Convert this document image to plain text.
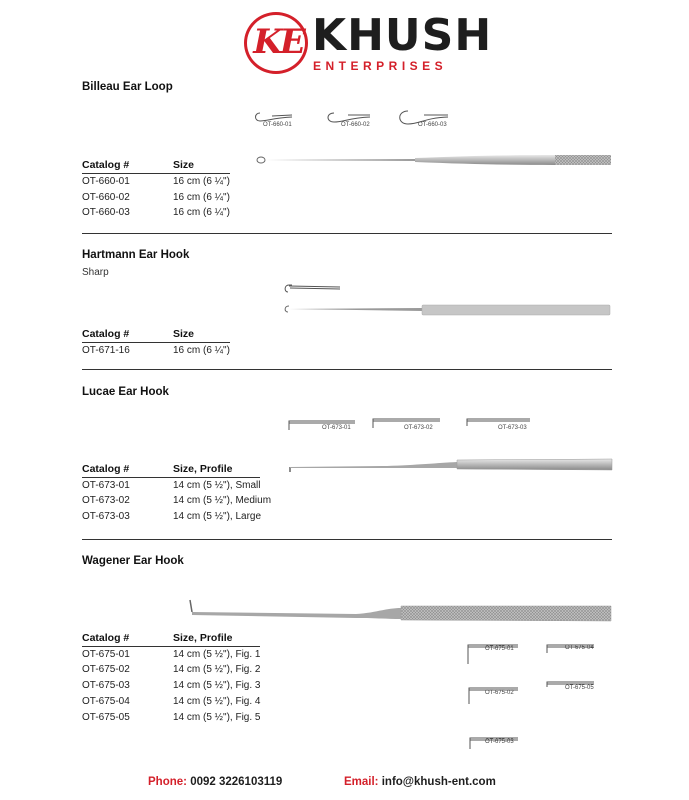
KE KHUSH
ENTERPRISES
Billeau Ear Loop
OT-660-01	OT-660-02	OT-660-03
Catalog #	Size
OT-660-01	16 cm (6 ¼")
OT-660-02	16 cm (6 ¼")
OT-660-03	16 cm (6 ¼")
Hartmann Ear Hook
Sharp
Catalog #	Size
OT-671-16	16 cm (6 ¼")
Lucae Ear Hook
OT-673-01	OT-673-02	OT-673-03
Catalog #	Size, Profile
OT-673-01	14 cm (5 ½"), Small
OT-673-02	14 cm (5 ½"), Medium
OT-673-03	14 cm (5 ½"), Large
Wagener Ear Hook
Catalog #	Size, Profile
OT-675-01	14 cm (5 ½"), Fig. 1
OT-675-02	14 cm (5 ½"), Fig. 2
OT-675-03	14 cm (5 ½"), Fig. 3
OT-675-04	14 cm (5 ½"), Fig. 4
OT-675-05	14 cm (5 ½"), Fig. 5
OT-675-01
OT-675-02
OT-675-03
OT-675-04
OT-675-05
Phone: 0092 3226103119	Email: info@khush-ent.com
